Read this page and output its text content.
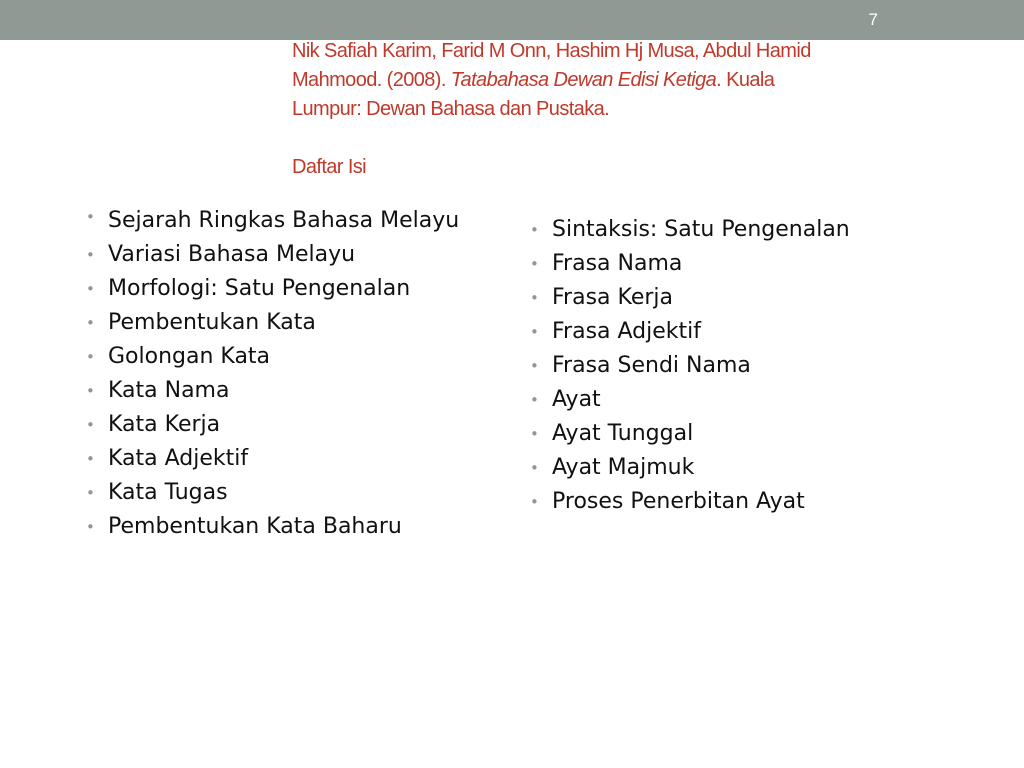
7
Nik Safiah Karim, Farid M Onn, Hashim Hj Musa, Abdul Hamid
Mahmood. (2008). Tatabahasa Dewan Edisi Ketiga. Kuala
Lumpur: Dewan Bahasa dan Pustaka.
Daftar Isi
• Sejarah Ringkas Bahasa Melayu
• Variasi Bahasa Melayu
• Morfologi: Satu Pengenalan
• Pembentukan Kata
• Golongan Kata
• Kata Nama
• Kata Kerja
• Kata Adjektif
• Kata Tugas
• Pembentukan Kata Baharu
• Sintaksis: Satu Pengenalan
• Frasa Nama
• Frasa Kerja
• Frasa Adjektif
• Frasa Sendi Nama
• Ayat
• Ayat Tunggal
• Ayat Majmuk
• Proses Penerbitan Ayat
